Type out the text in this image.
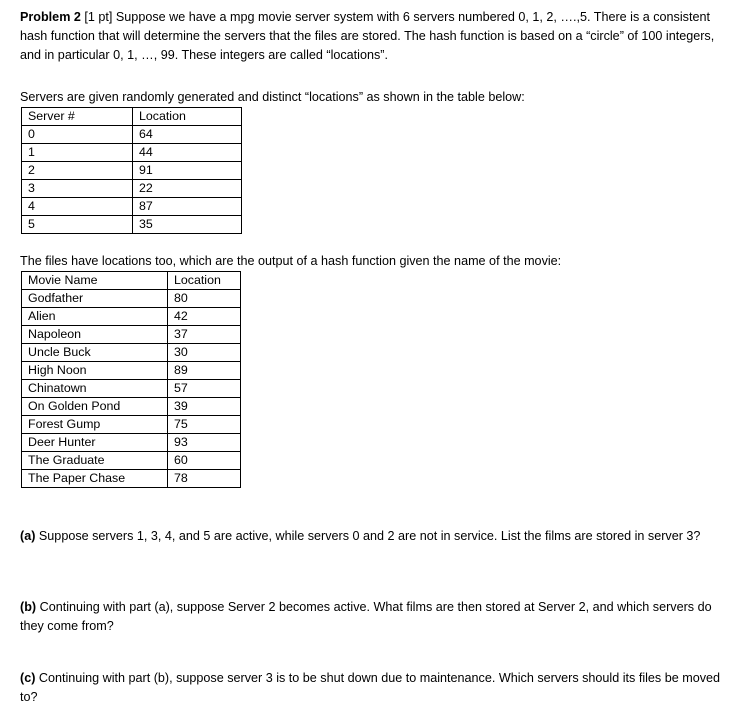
Problem 2 [1 pt] Suppose we have a mpg movie server system with 6 servers numbered 0, 1, 2, ….,5. There is a consistent hash function that will determine the servers that the files are stored. The hash function is based on a “circle” of 100 integers, and in particular 0, 1, …, 99. These integers are called “locations”.

Servers are given randomly generated and distinct “locations” as shown in the table below:

Server #	Location
0	64
1	44
2	91
3	22
4	87
5	35

The files have locations too, which are the output of a hash function given the name of the movie:

Movie Name	Location
Godfather	80
Alien	42
Napoleon	37
Uncle Buck	30
High Noon	89
Chinatown	57
On Golden Pond	39
Forest Gump	75
Deer Hunter	93
The Graduate	60
The Paper Chase	78

(a) Suppose servers 1, 3, 4, and 5 are active, while servers 0 and 2 are not in service. List the films are stored in server 3?

(b) Continuing with part (a), suppose Server 2 becomes active. What films are then stored at Server 2, and which servers do they come from?

(c) Continuing with part (b), suppose server 3 is to be shut down due to maintenance. Which servers should its files be moved to?
